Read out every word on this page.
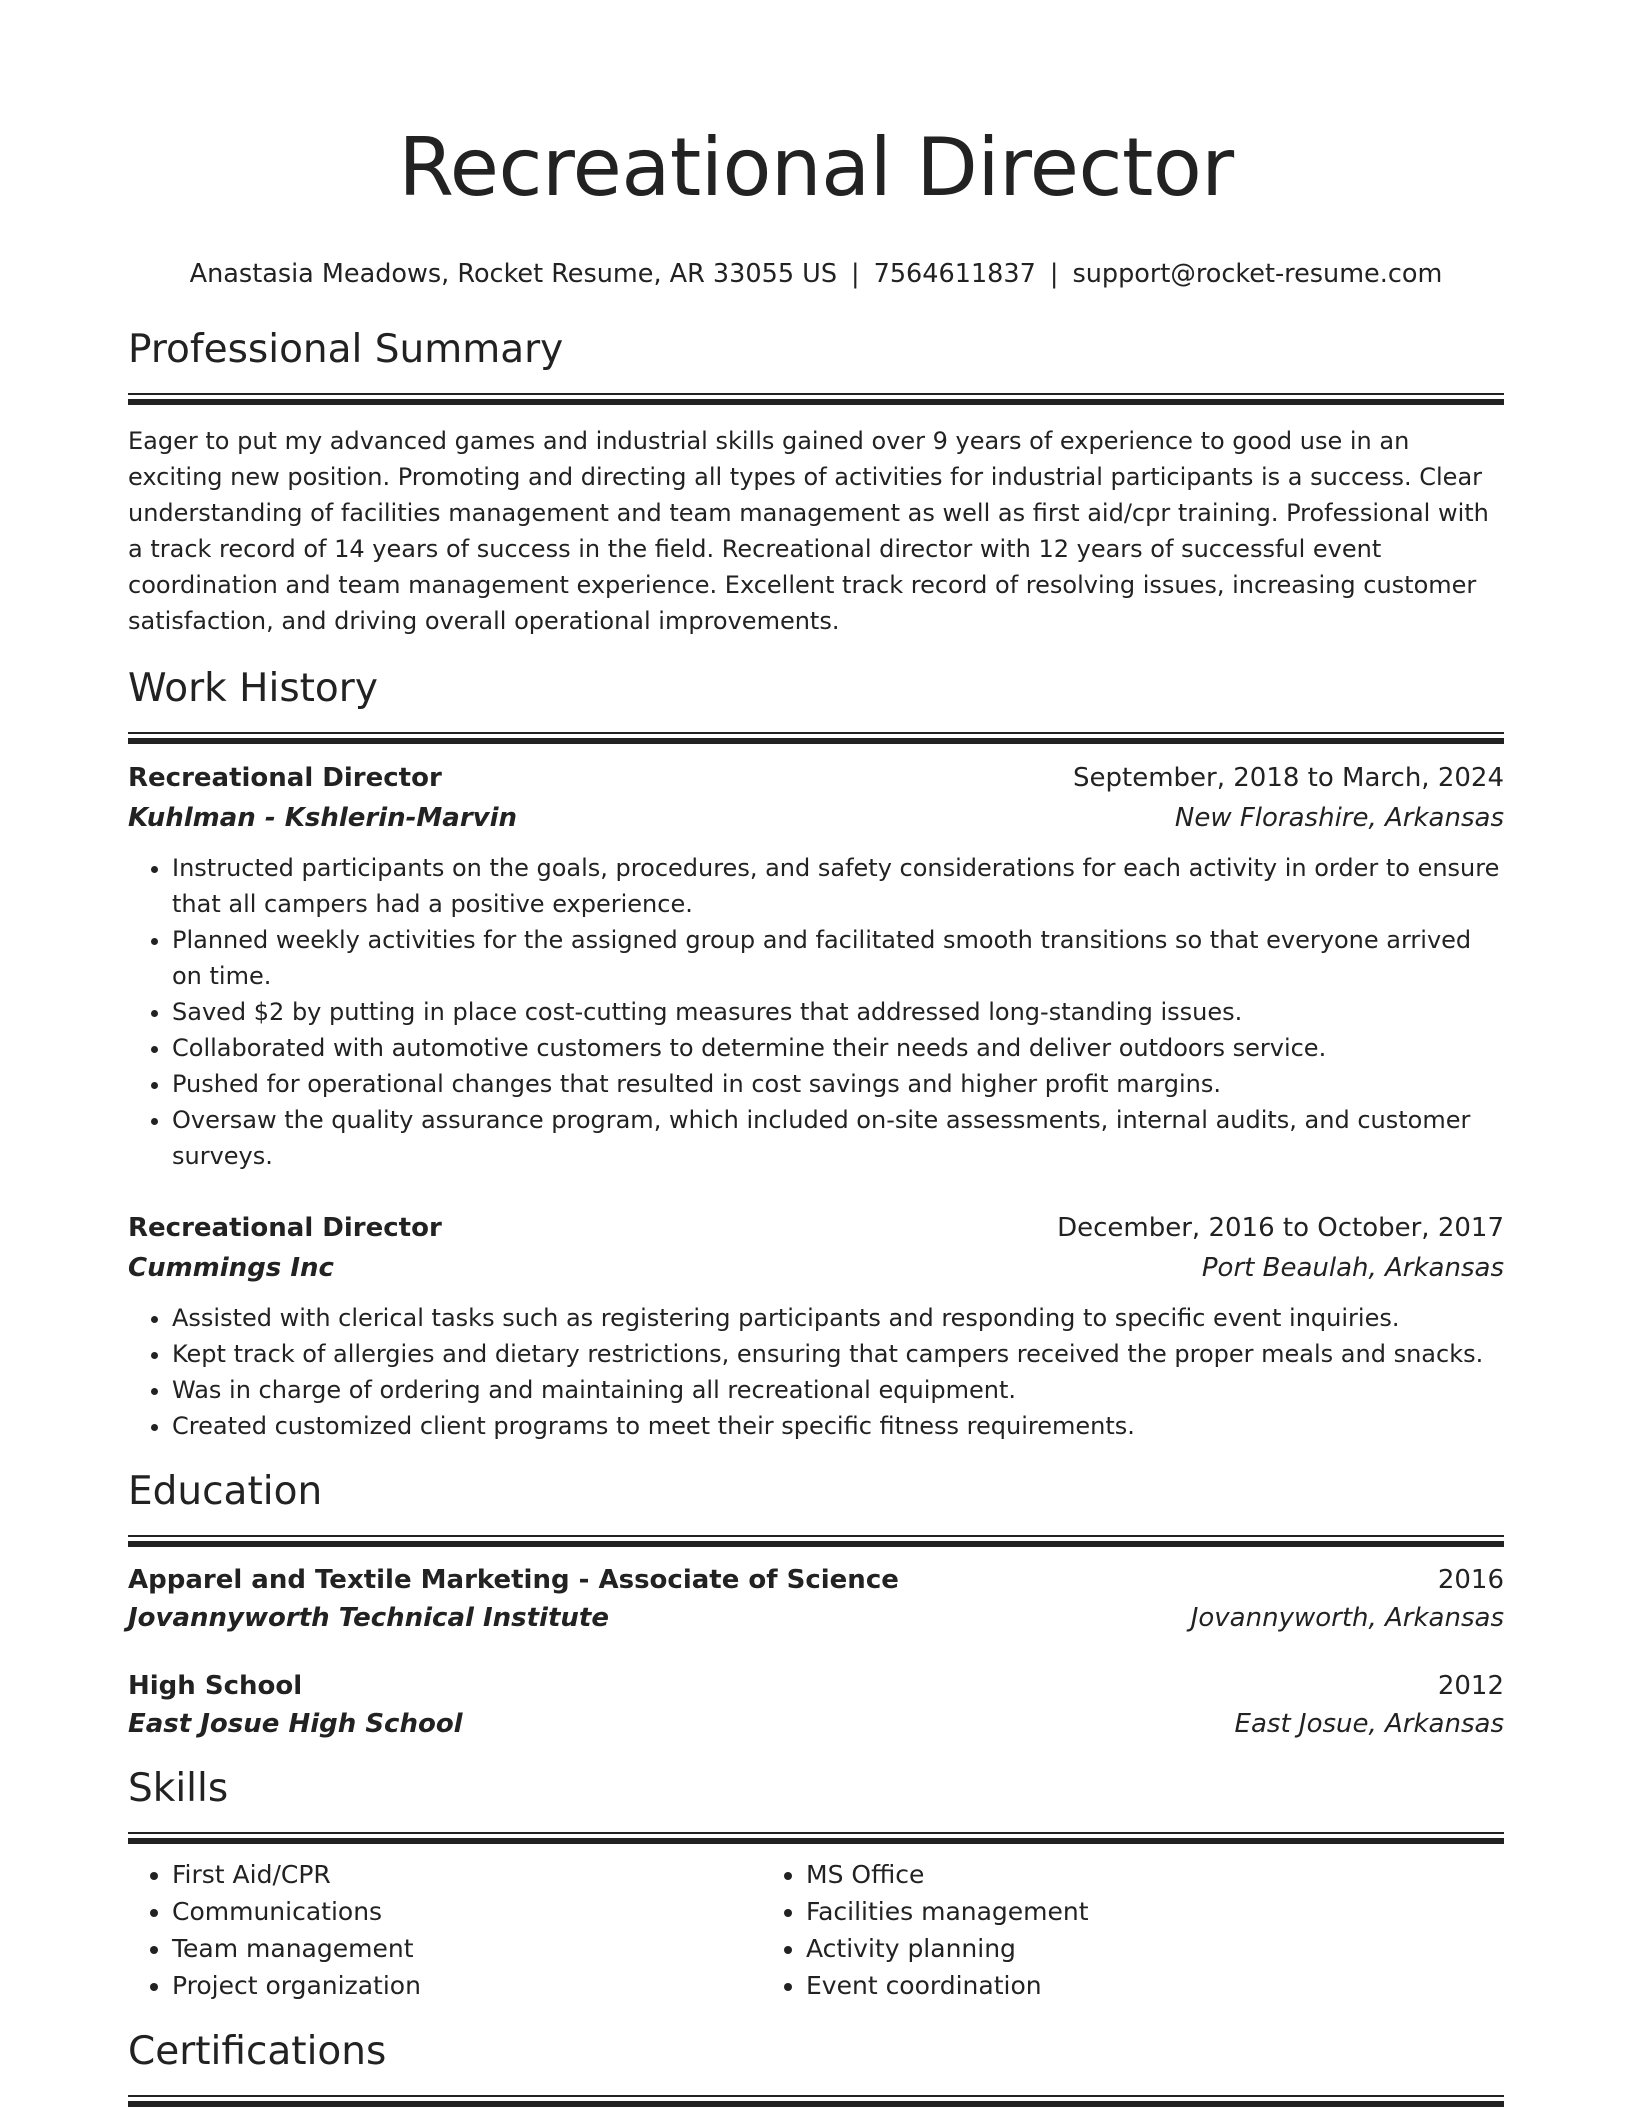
Recreational Director
Anastasia Meadows, Rocket Resume, AR 33055 US | 7564611837 | support@rocket-resume.com
Professional Summary
Eager to put my advanced games and industrial skills gained over 9 years of experience to good use in an exciting new position. Promoting and directing all types of activities for industrial participants is a success. Clear understanding of facilities management and team management as well as first aid/cpr training. Professional with a track record of 14 years of success in the field. Recreational director with 12 years of successful event coordination and team management experience. Excellent track record of resolving issues, increasing customer satisfaction, and driving overall operational improvements.
Work History
Recreational Director	September, 2018 to March, 2024
Kuhlman - Kshlerin-Marvin	New Florashire, Arkansas
• Instructed participants on the goals, procedures, and safety considerations for each activity in order to ensure that all campers had a positive experience.
• Planned weekly activities for the assigned group and facilitated smooth transitions so that everyone arrived on time.
• Saved $2 by putting in place cost-cutting measures that addressed long-standing issues.
• Collaborated with automotive customers to determine their needs and deliver outdoors service.
• Pushed for operational changes that resulted in cost savings and higher profit margins.
• Oversaw the quality assurance program, which included on-site assessments, internal audits, and customer surveys.
Recreational Director	December, 2016 to October, 2017
Cummings Inc	Port Beaulah, Arkansas
• Assisted with clerical tasks such as registering participants and responding to specific event inquiries.
• Kept track of allergies and dietary restrictions, ensuring that campers received the proper meals and snacks.
• Was in charge of ordering and maintaining all recreational equipment.
• Created customized client programs to meet their specific fitness requirements.
Education
Apparel and Textile Marketing - Associate of Science	2016
Jovannyworth Technical Institute	Jovannyworth, Arkansas
High School	2012
East Josue High School	East Josue, Arkansas
Skills
• First Aid/CPR
• Communications
• Team management
• Project organization
• MS Office
• Facilities management
• Activity planning
• Event coordination
Certifications
